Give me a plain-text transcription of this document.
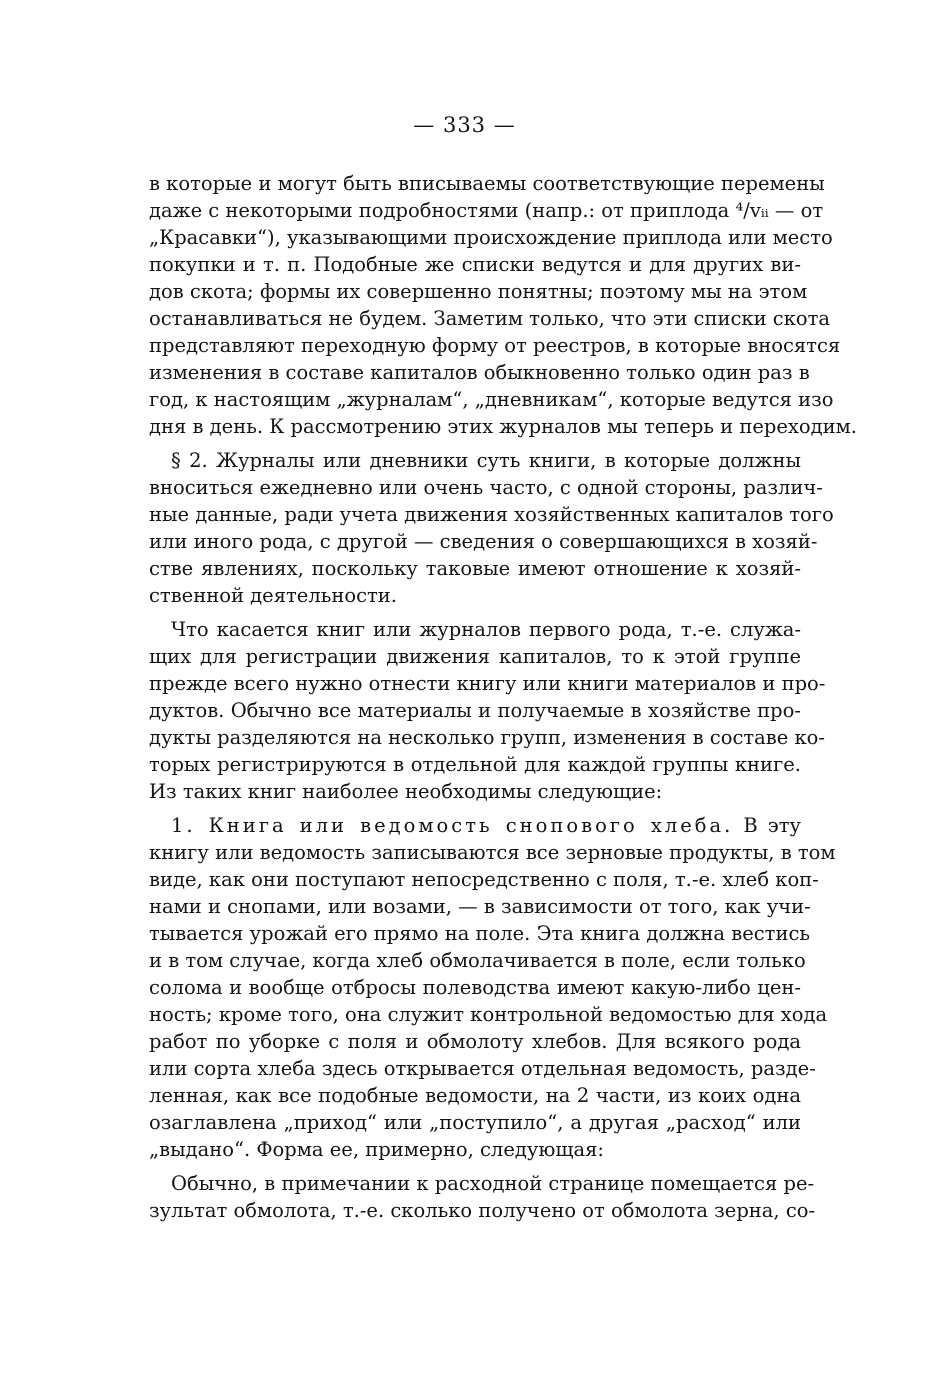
— 333 —
в которые и могут быть вписываемы соответствующие перемены
даже с некоторыми подробностями (напр.: от приплода ⁴/vᵢᵢ — от
„Красавки“), указывающими происхождение приплода или место
покупки и т. п. Подобные же списки ведутся и для других ви-
дов скота; формы их совершенно понятны; поэтому мы на этом
останавливаться не будем. Заметим только, что эти списки скота
представляют переходную форму от реестров, в которые вносятся
изменения в составе капиталов обыкновенно только один раз в
год, к настоящим „журналам“, „дневникам“, которые ведутся изо
дня в день. К рассмотрению этих журналов мы теперь и переходим.
§ 2. Журналы или дневники суть книги, в которые должны
вноситься ежедневно или очень часто, с одной стороны, различ-
ные данные, ради учета движения хозяйственных капиталов того
или иного рода, с другой — сведения о совершающихся в хозяй-
стве явлениях, поскольку таковые имеют отношение к хозяй-
ственной деятельности.
Что касается книг или журналов первого рода, т.-е. служа-
щих для регистрации движения капиталов, то к этой группе
прежде всего нужно отнести книгу или книги материалов и про-
дуктов. Обычно все материалы и получаемые в хозяйстве про-
дукты разделяются на несколько групп, изменения в составе ко-
торых регистрируются в отдельной для каждой группы книге.
Из таких книг наиболее необходимы следующие:
1. Книга или ведомость снопового хлеба. В эту
книгу или ведомость записываются все зерновые продукты, в том
виде, как они поступают непосредственно с поля, т.-е. хлеб коп-
нами и снопами, или возами, — в зависимости от того, как учи-
тывается урожай его прямо на поле. Эта книга должна вестись
и в том случае, когда хлеб обмолачивается в поле, если только
солома и вообще отбросы полеводства имеют какую-либо цен-
ность; кроме того, она служит контрольной ведомостью для хода
работ по уборке с поля и обмолоту хлебов. Для всякого рода
или сорта хлеба здесь открывается отдельная ведомость, разде-
ленная, как все подобные ведомости, на 2 части, из коих одна
озаглавлена „приход“ или „поступило“, а другая „расход“ или
„выдано“. Форма ее, примерно, следующая:
Обычно, в примечании к расходной странице помещается ре-
зультат обмолота, т.-е. сколько получено от обмолота зерна, со-
